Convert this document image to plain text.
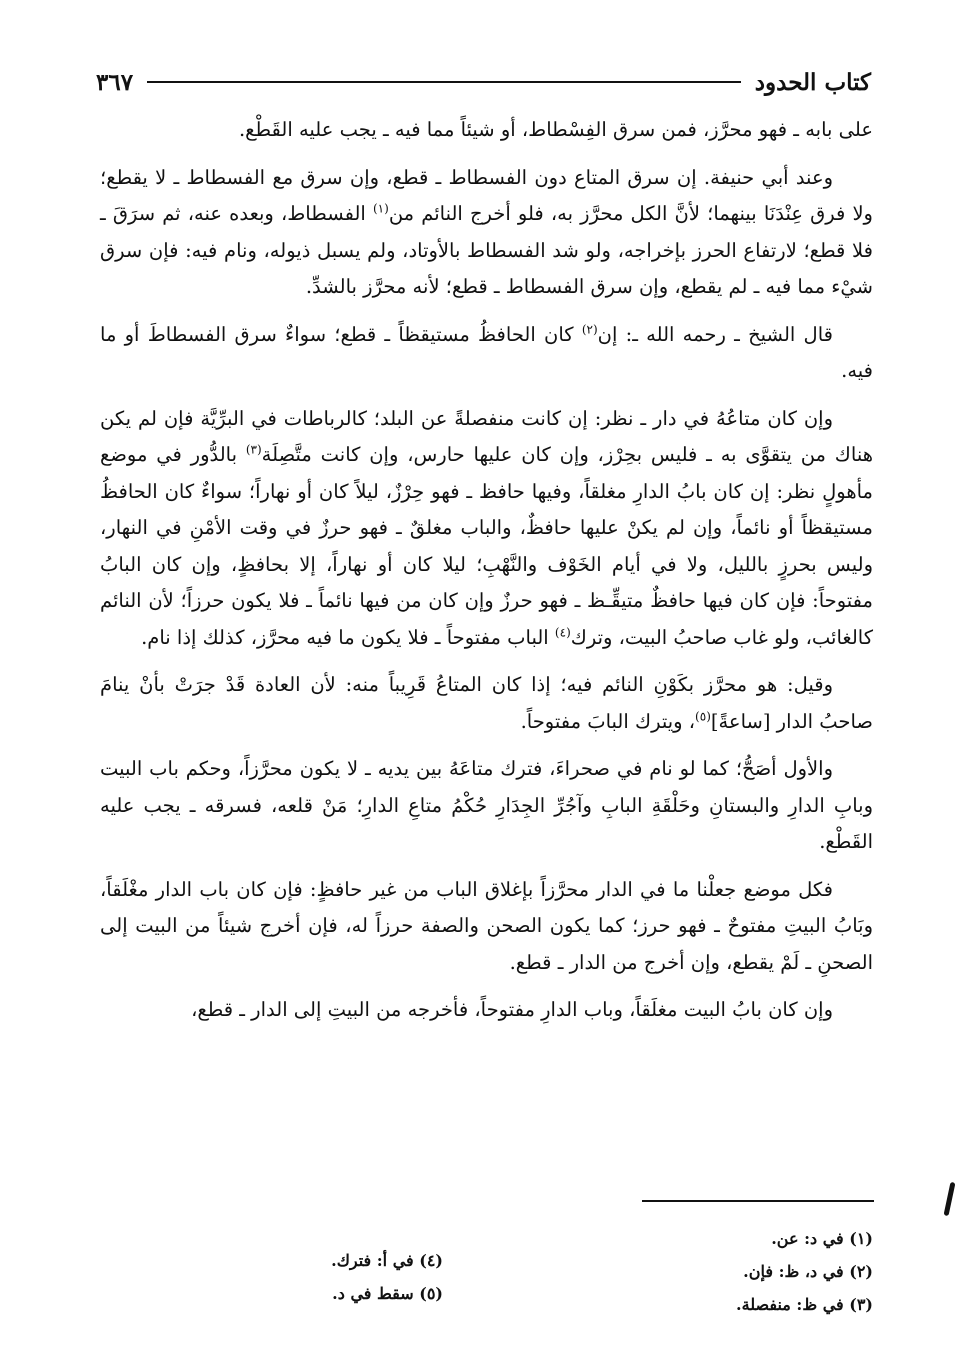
كتاب الحدود
٣٦٧

على بابه ـ فهو محرَّز، فمن سرق الفِسْطاط، أو شيئاً مما فيه ـ يجب عليه القَطْع.

وعند أبي حنيفة. إن سرق المتاع دون الفسطاط ـ قطع، وإن سرق مع الفسطاط ـ لا يقطع؛ ولا فرق عِنْدَنَا بينهما؛ لأنَّ الكل محرَّز به، فلو أخرج النائم من$^{(١)}$ الفسطاط، وبعده عنه، ثم سرَقَ ـ فلا قطع؛ لارتفاع الحرز بإخراجه، ولو شد الفسطاط بالأوتاد، ولم يسبل ذيوله، ونام فيه: فإن سرق شيْء مما فيه ـ لم يقطع، وإن سرق الفسطاط ـ قطع؛ لأنه محرَّز بالشدِّ.

قال الشيخ ـ رحمه الله ـ: إن$^{(٢)}$ كان الحافظُ مستيقظاً ـ قطع؛ سواءٌ سرق الفسطاطَ أو ما فيه.

وإن كان متاعُهُ في دار ـ نظر: إن كانت منفصلةً عن البلد؛ كالرباطات في البرِّيَّة فإن لم يكن هناك من يتقوَّى به ـ فليس بحِرْز، وإن كان عليها حارس، وإن كانت متَّصِلَة$^{(٣)}$ بالدُّور في موضع مأهولٍ نظر: إن كان بابُ الدارِ مغلقاً، وفيها حافظ ـ فهو حِرْزٌ، ليلاً كان أو نهاراً؛ سواءٌ كان الحافظُ مستيقظاً أو نائماً، وإن لم يكنْ عليها حافظٌ، والباب مغلقٌ ـ فهو حرزٌ في وقت الأمْنِ في النهار، وليس بحرزٍ بالليل، ولا في أيام الخَوْف والنَّهْبِ؛ ليلا كان أو نهاراً، إلا بحافظٍ، وإن كان البابُ مفتوحاً: فإن كان فيها حافظٌ متيقِّـظ ـ فهو حرزٌ وإن كان من فيها نائماً ـ فلا يكون حرزاً؛ لأن النائم كالغائب، ولو غاب صاحبُ البيت، وترك$^{(٤)}$ الباب مفتوحاً ـ فلا يكون ما فيه محرَّز، كذلك إذا نام.

وقيل: هو محرَّز بكَوْنِ النائم فيه؛ إذا كان المتاعُ قَرِيباً منه: لأن العادة قَدْ جرَتْ بأنْ ينامَ صاحبُ الدار [ساعةً]$^{(٥)}$، ويترك البابَ مفتوحاً.

والأول أصَحُّ؛ كما لو نام في صحراءَ، فترك متاعَهُ بين يديه ـ لا يكون محرَّزاً، وحكم باب البيت وبابِ الدارِ والبستانِ وحَلْقَةِ البابِ وآجُرِّ الجِدَارِ حُكْمُ متاعِ الدارِ؛ مَنْ قلعه، فسرقه ـ يجب عليه القَطْع.

فكل موضع جعلْنا ما في الدار محرَّزاً بإغلاق الباب من غير حافظٍ: فإن كان باب الدار مغْلَقاً، وبَابُ البيتِ مفتوحٌ ـ فهو حرز؛ كما يكون الصحن والصفة حرزاً له، فإن أخرج شيئاً من البيت إلى الصحنِ ـ لَمْ يقطع، وإن أخرج من الدار ـ قطع.

وإن كان بابُ البيت مغلَقاً، وباب الدارِ مفتوحاً، فأخرجه من البيتِ إلى الدار ـ قطع،

(١) في د: عن.
(٢) في د، ظ: فإن.
(٣) في ظ: منفصلة.
(٤) في أ: فترك.
(٥) سقط في د.
